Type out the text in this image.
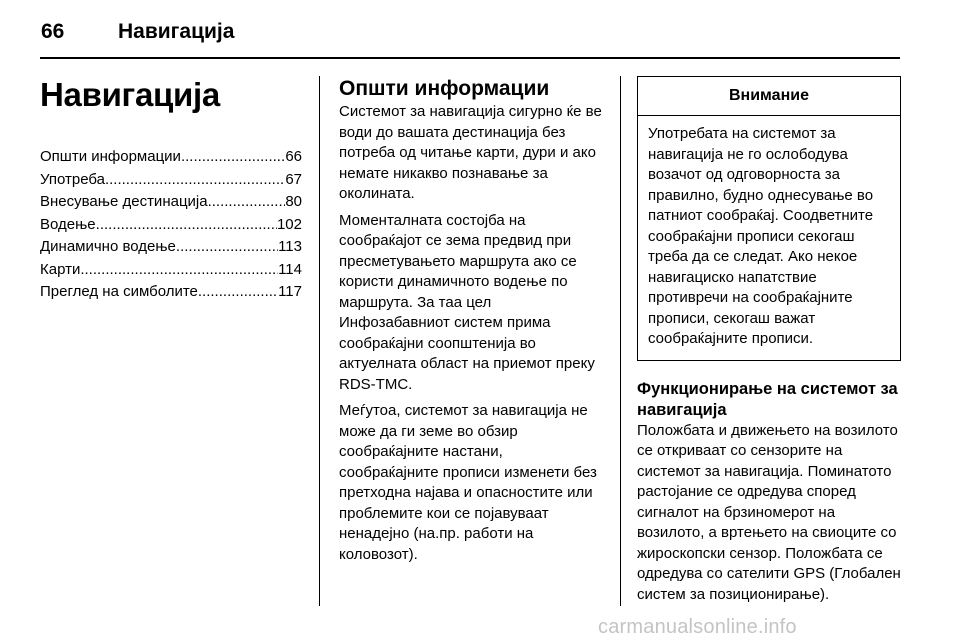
66	Навигација
Навигација
Општи информации .....	66
Употреба .....	67
Внесување дестинација .....	80
Водење .....	102
Динамично водење .....	113
Карти .....	114
Преглед на симболите .....	117
Општи информации

Системот за навигација сигурно ќе ве води до вашата дестинација без потреба од читање карти, дури и ако немате никакво познавање за околината.

Моменталната состојба на сообраќајот се зема предвид при пресметувањето маршрута ако се користи динамичното водење по маршрута. За таа цел Инфозабавниот систем прима сообраќајни соопштенија во актуелната област на приемот преку RDS-TMC.

Меѓутоа, системот за навигација не може да ги земе во обзир сообраќајните настани, сообраќајните прописи изменети без претходна најава и опасностите или проблемите кои се појавуваат ненадејно (на.пр. работи на коловозот).

Внимание
Употребата на системот за навигација не го ослободува возачот од одговорноста за правилно, будно однесување во патниот сообраќај. Соодветните сообраќајни прописи секогаш треба да се следат. Ако некое навигациско напатствие противречи на сообраќајните прописи, секогаш важат сообраќајните прописи.
Функционирање на системот за навигација

Положбата и движењето на возилото се откриваат со сензорите на системот за навигација. Поминатото растојание се одредува според сигналот на брзиномерот на возилото, а вртењето на свиоците со жироскопски сензор. Положбата се одредува со сателити GPS (Глобален систем за позиционирање).

carmanualsonline.info
